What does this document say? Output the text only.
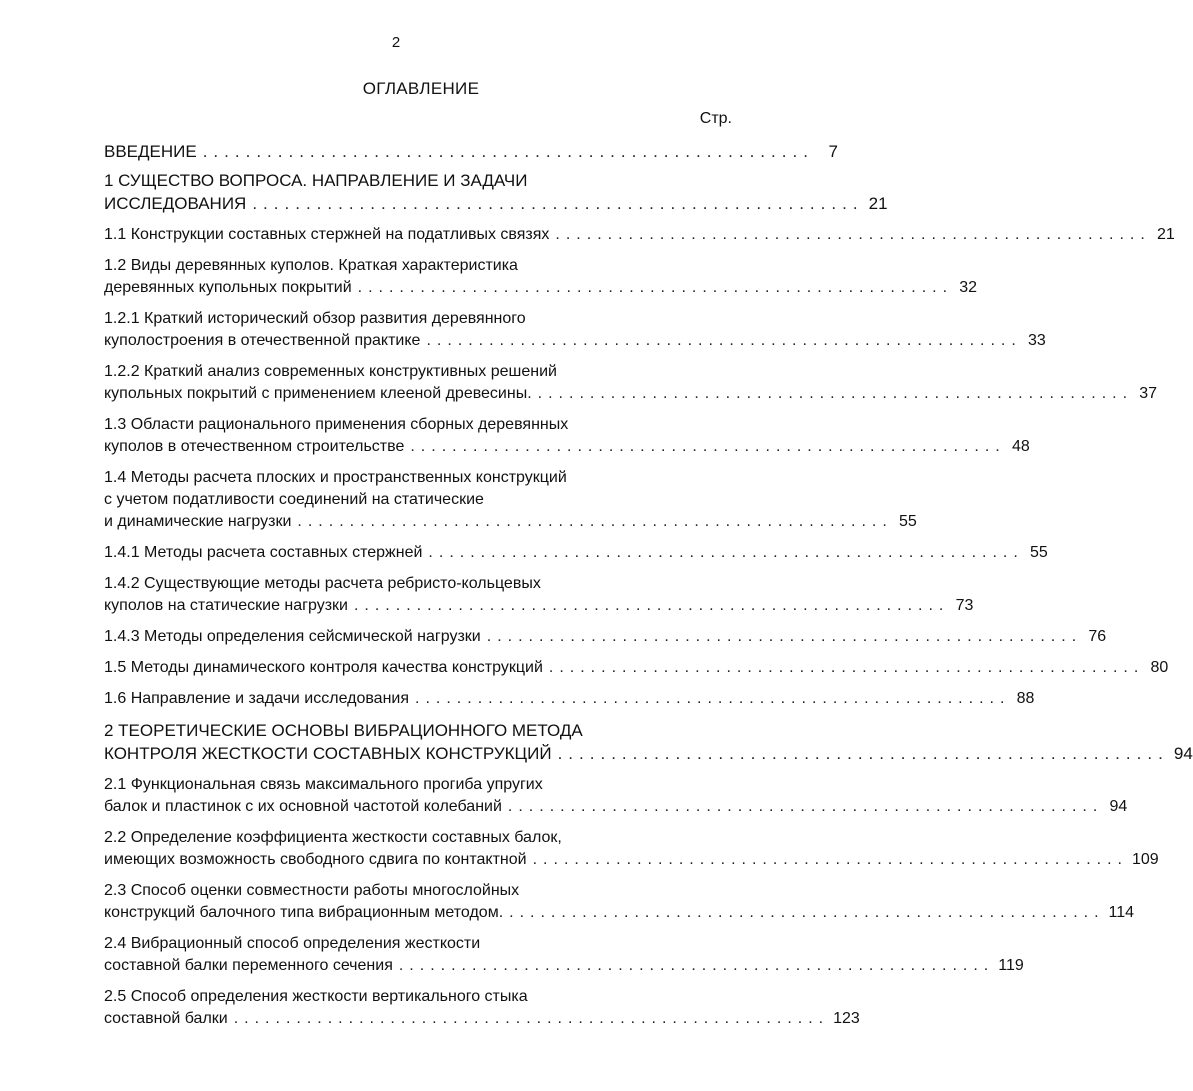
2
ОГЛАВЛЕНИЕ
Стр.
ВВЕДЕНИЕ ......................................................... 7
1 СУЩЕСТВО ВОПРОСА. НАПРАВЛЕНИЕ И ЗАДАЧИ
ИССЛЕДОВАНИЯ ......................................................... 21
1.1 Конструкции составных стержней на податливых связях ......................................................... 21
1.2 Виды деревянных куполов. Краткая характеристика
деревянных купольных покрытий ......................................................... 32
1.2.1 Краткий исторический обзор развития деревянного
куполостроения в отечественной практике ......................................................... 33
1.2.2 Краткий анализ современных конструктивных решений
купольных покрытий с применением клееной древесины. ......................................................... 37
1.3 Области рационального применения сборных деревянных
куполов в отечественном строительстве ......................................................... 48
1.4 Методы расчета плоских и пространственных конструкций
с учетом податливости соединений на статические
и динамические нагрузки ......................................................... 55
1.4.1 Методы расчета составных стержней ......................................................... 55
1.4.2 Существующие методы расчета ребристо-кольцевых
куполов на статические нагрузки ......................................................... 73
1.4.3 Методы определения сейсмической нагрузки ......................................................... 76
1.5 Методы динамического контроля качества конструкций ......................................................... 80
1.6 Направление и задачи исследования ......................................................... 88
2 ТЕОРЕТИЧЕСКИЕ ОСНОВЫ ВИБРАЦИОННОГО МЕТОДА
КОНТРОЛЯ ЖЕСТКОСТИ СОСТАВНЫХ КОНСТРУКЦИЙ ......................................................... 94
2.1 Функциональная связь максимального прогиба упругих
балок и пластинок с их основной частотой колебаний ......................................................... 94
2.2 Определение коэффициента жесткости составных балок,
имеющих возможность свободного сдвига по контактной ......................................................... 109
2.3 Способ оценки совместности работы многослойных
конструкций балочного типа вибрационным методом. ......................................................... 114
2.4 Вибрационный способ определения жесткости
составной балки переменного сечения ......................................................... 119
2.5 Способ определения жесткости вертикального стыка
составной балки ......................................................... 123
